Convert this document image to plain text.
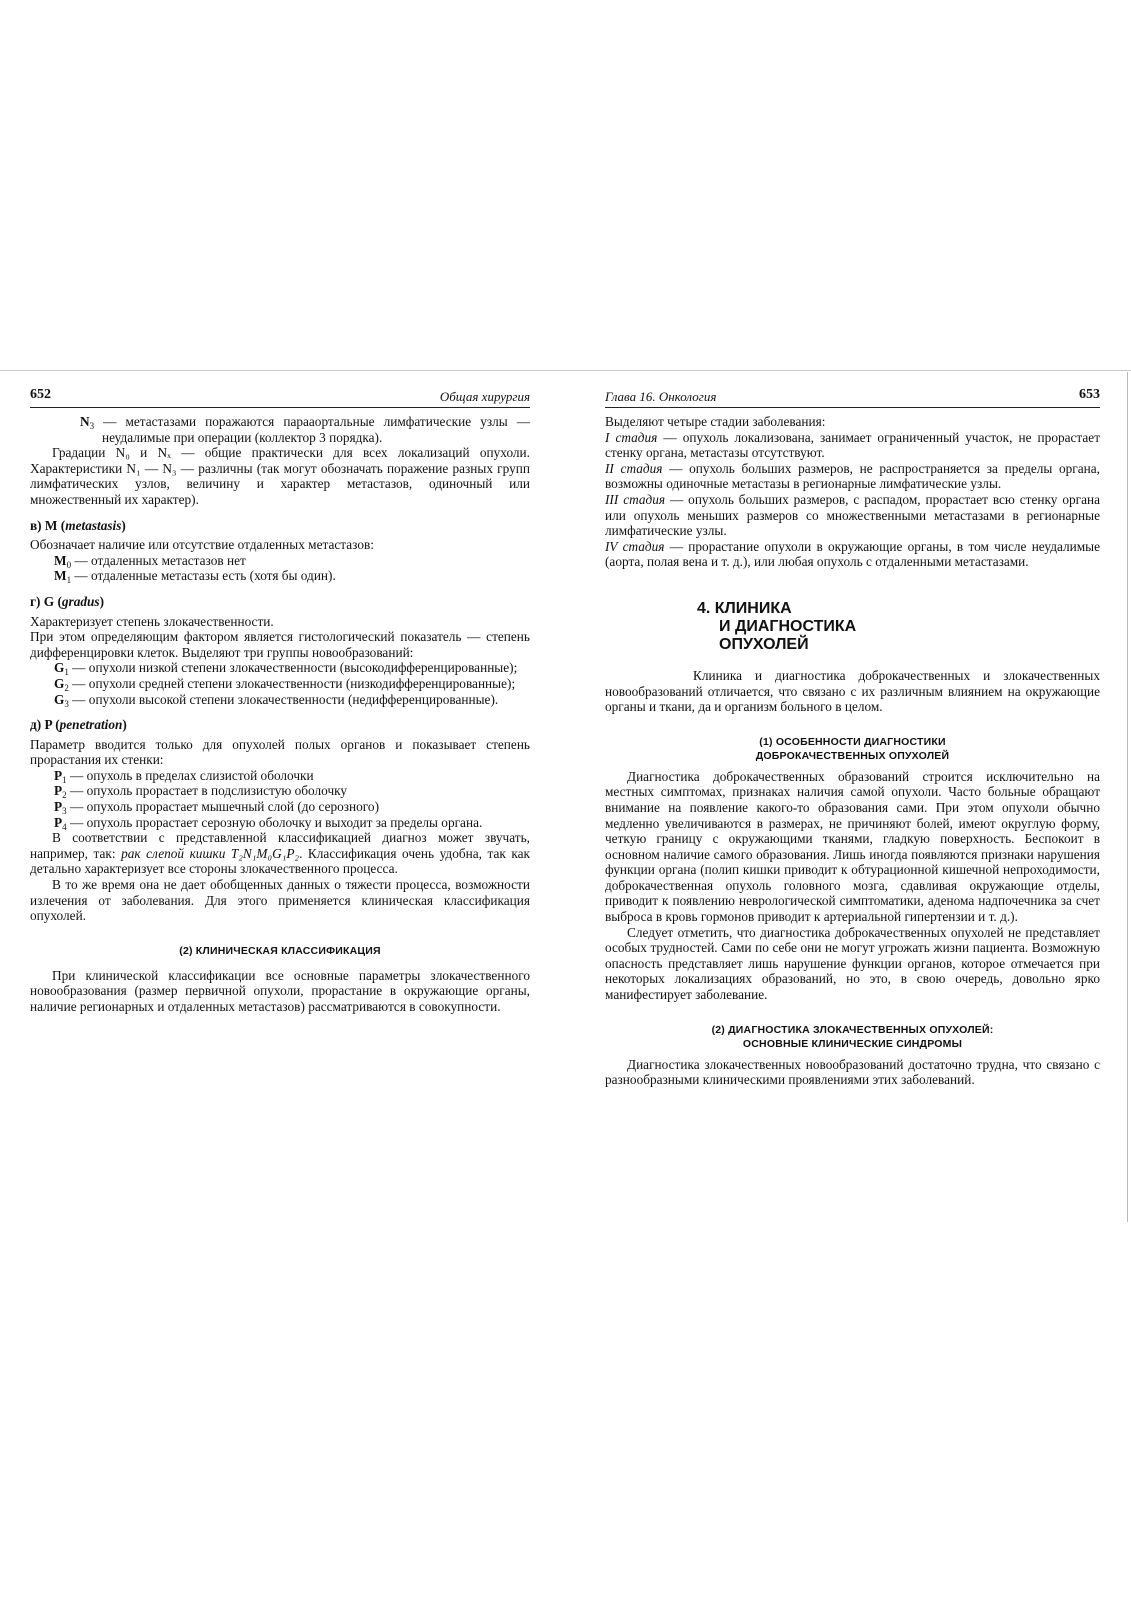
652	Общая хирургия

$N_3$ — метастазами поражаются парааортальные лимфатические узлы — неудалимые при операции (коллектор 3 порядка).

Градации N₀ и Nₓ — общие практически для всех локализаций опухоли. Характеристики N₁ — N₃ — различны (так могут обозначать поражение разных групп лимфатических узлов, величину и характер метастазов, одиночный или множественный их характер).

в) M (metastasis)

Обозначает наличие или отсутствие отдаленных метастазов:

$M_0$ — отдаленных метастазов нет

$M_1$ — отдаленные метастазы есть (хотя бы один).

г) G (gradus)

Характеризует степень злокачественности.

При этом определяющим фактором является гистологический показатель — степень дифференцировки клеток. Выделяют три группы новообразований:

$G_1$ — опухоли низкой степени злокачественности (высокодифференцированные);

$G_2$ — опухоли средней степени злокачественности (низкодифференцированные);

$G_3$ — опухоли высокой степени злокачественности (недифференцированные).

д) P (penetration)

Параметр вводится только для опухолей полых органов и показывает степень прорастания их стенки:

$P_1$ — опухоль в пределах слизистой оболочки

$P_2$ — опухоль прорастает в подслизистую оболочку

$P_3$ — опухоль прорастает мышечный слой (до серозного)

$P_4$ — опухоль прорастает серозную оболочку и выходит за пределы органа.

В соответствии с представленной классификацией диагноз может звучать, например, так: рак слепой кишки T₂N₁M₀G₁P₂. Классификация очень удобна, так как детально характеризует все стороны злокачественного процесса.

В то же время она не дает обобщенных данных о тяжести процесса, возможности излечения от заболевания. Для этого применяется клиническая классификация опухолей.

(2) КЛИНИЧЕСКАЯ КЛАССИФИКАЦИЯ

При клинической классификации все основные параметры злокачественного новообразования (размер первичной опухоли, прорастание в окружающие органы, наличие регионарных и отдаленных метастазов) рассматриваются в совокупности.

Глава 16. Онкология	653

Выделяют четыре стадии заболевания:

I стадия — опухоль локализована, занимает ограниченный участок, не прорастает стенку органа, метастазы отсутствуют.

II стадия — опухоль больших размеров, не распространяется за пределы органа, возможны одиночные метастазы в регионарные лимфатические узлы.

III стадия — опухоль больших размеров, с распадом, прорастает всю стенку органа или опухоль меньших размеров со множественными метастазами в регионарные лимфатические узлы.

IV стадия — прорастание опухоли в окружающие органы, в том числе неудалимые (аорта, полая вена и т. д.), или любая опухоль с отдаленными метастазами.

4. КЛИНИКА
И ДИАГНОСТИКА
ОПУХОЛЕЙ

Клиника и диагностика доброкачественных и злокачественных новообразований отличается, что связано с их различным влиянием на окружающие органы и ткани, да и организм больного в целом.

(1) ОСОБЕННОСТИ ДИАГНОСТИКИ
ДОБРОКАЧЕСТВЕННЫХ ОПУХОЛЕЙ

Диагностика доброкачественных образований строится исключительно на местных симптомах, признаках наличия самой опухоли. Часто больные обращают внимание на появление какого-то образования сами. При этом опухоли обычно медленно увеличиваются в размерах, не причиняют болей, имеют округлую форму, четкую границу с окружающими тканями, гладкую поверхность. Беспокоит в основном наличие самого образования. Лишь иногда появляются признаки нарушения функции органа (полип кишки приводит к обтурационной кишечной непроходимости, доброкачественная опухоль головного мозга, сдавливая окружающие отделы, приводит к появлению неврологической симптоматики, аденома надпочечника за счет выброса в кровь гормонов приводит к артериальной гипертензии и т. д.).

Следует отметить, что диагностика доброкачественных опухолей не представляет особых трудностей. Сами по себе они не могут угрожать жизни пациента. Возможную опасность представляет лишь нарушение функции органов, которое отмечается при некоторых локализациях образований, но это, в свою очередь, довольно ярко манифестирует заболевание.

(2) ДИАГНОСТИКА ЗЛОКАЧЕСТВЕННЫХ ОПУХОЛЕЙ:
ОСНОВНЫЕ КЛИНИЧЕСКИЕ СИНДРОМЫ

Диагностика злокачественных новообразований достаточно трудна, что связано с разнообразными клиническими проявлениями этих заболеваний.
